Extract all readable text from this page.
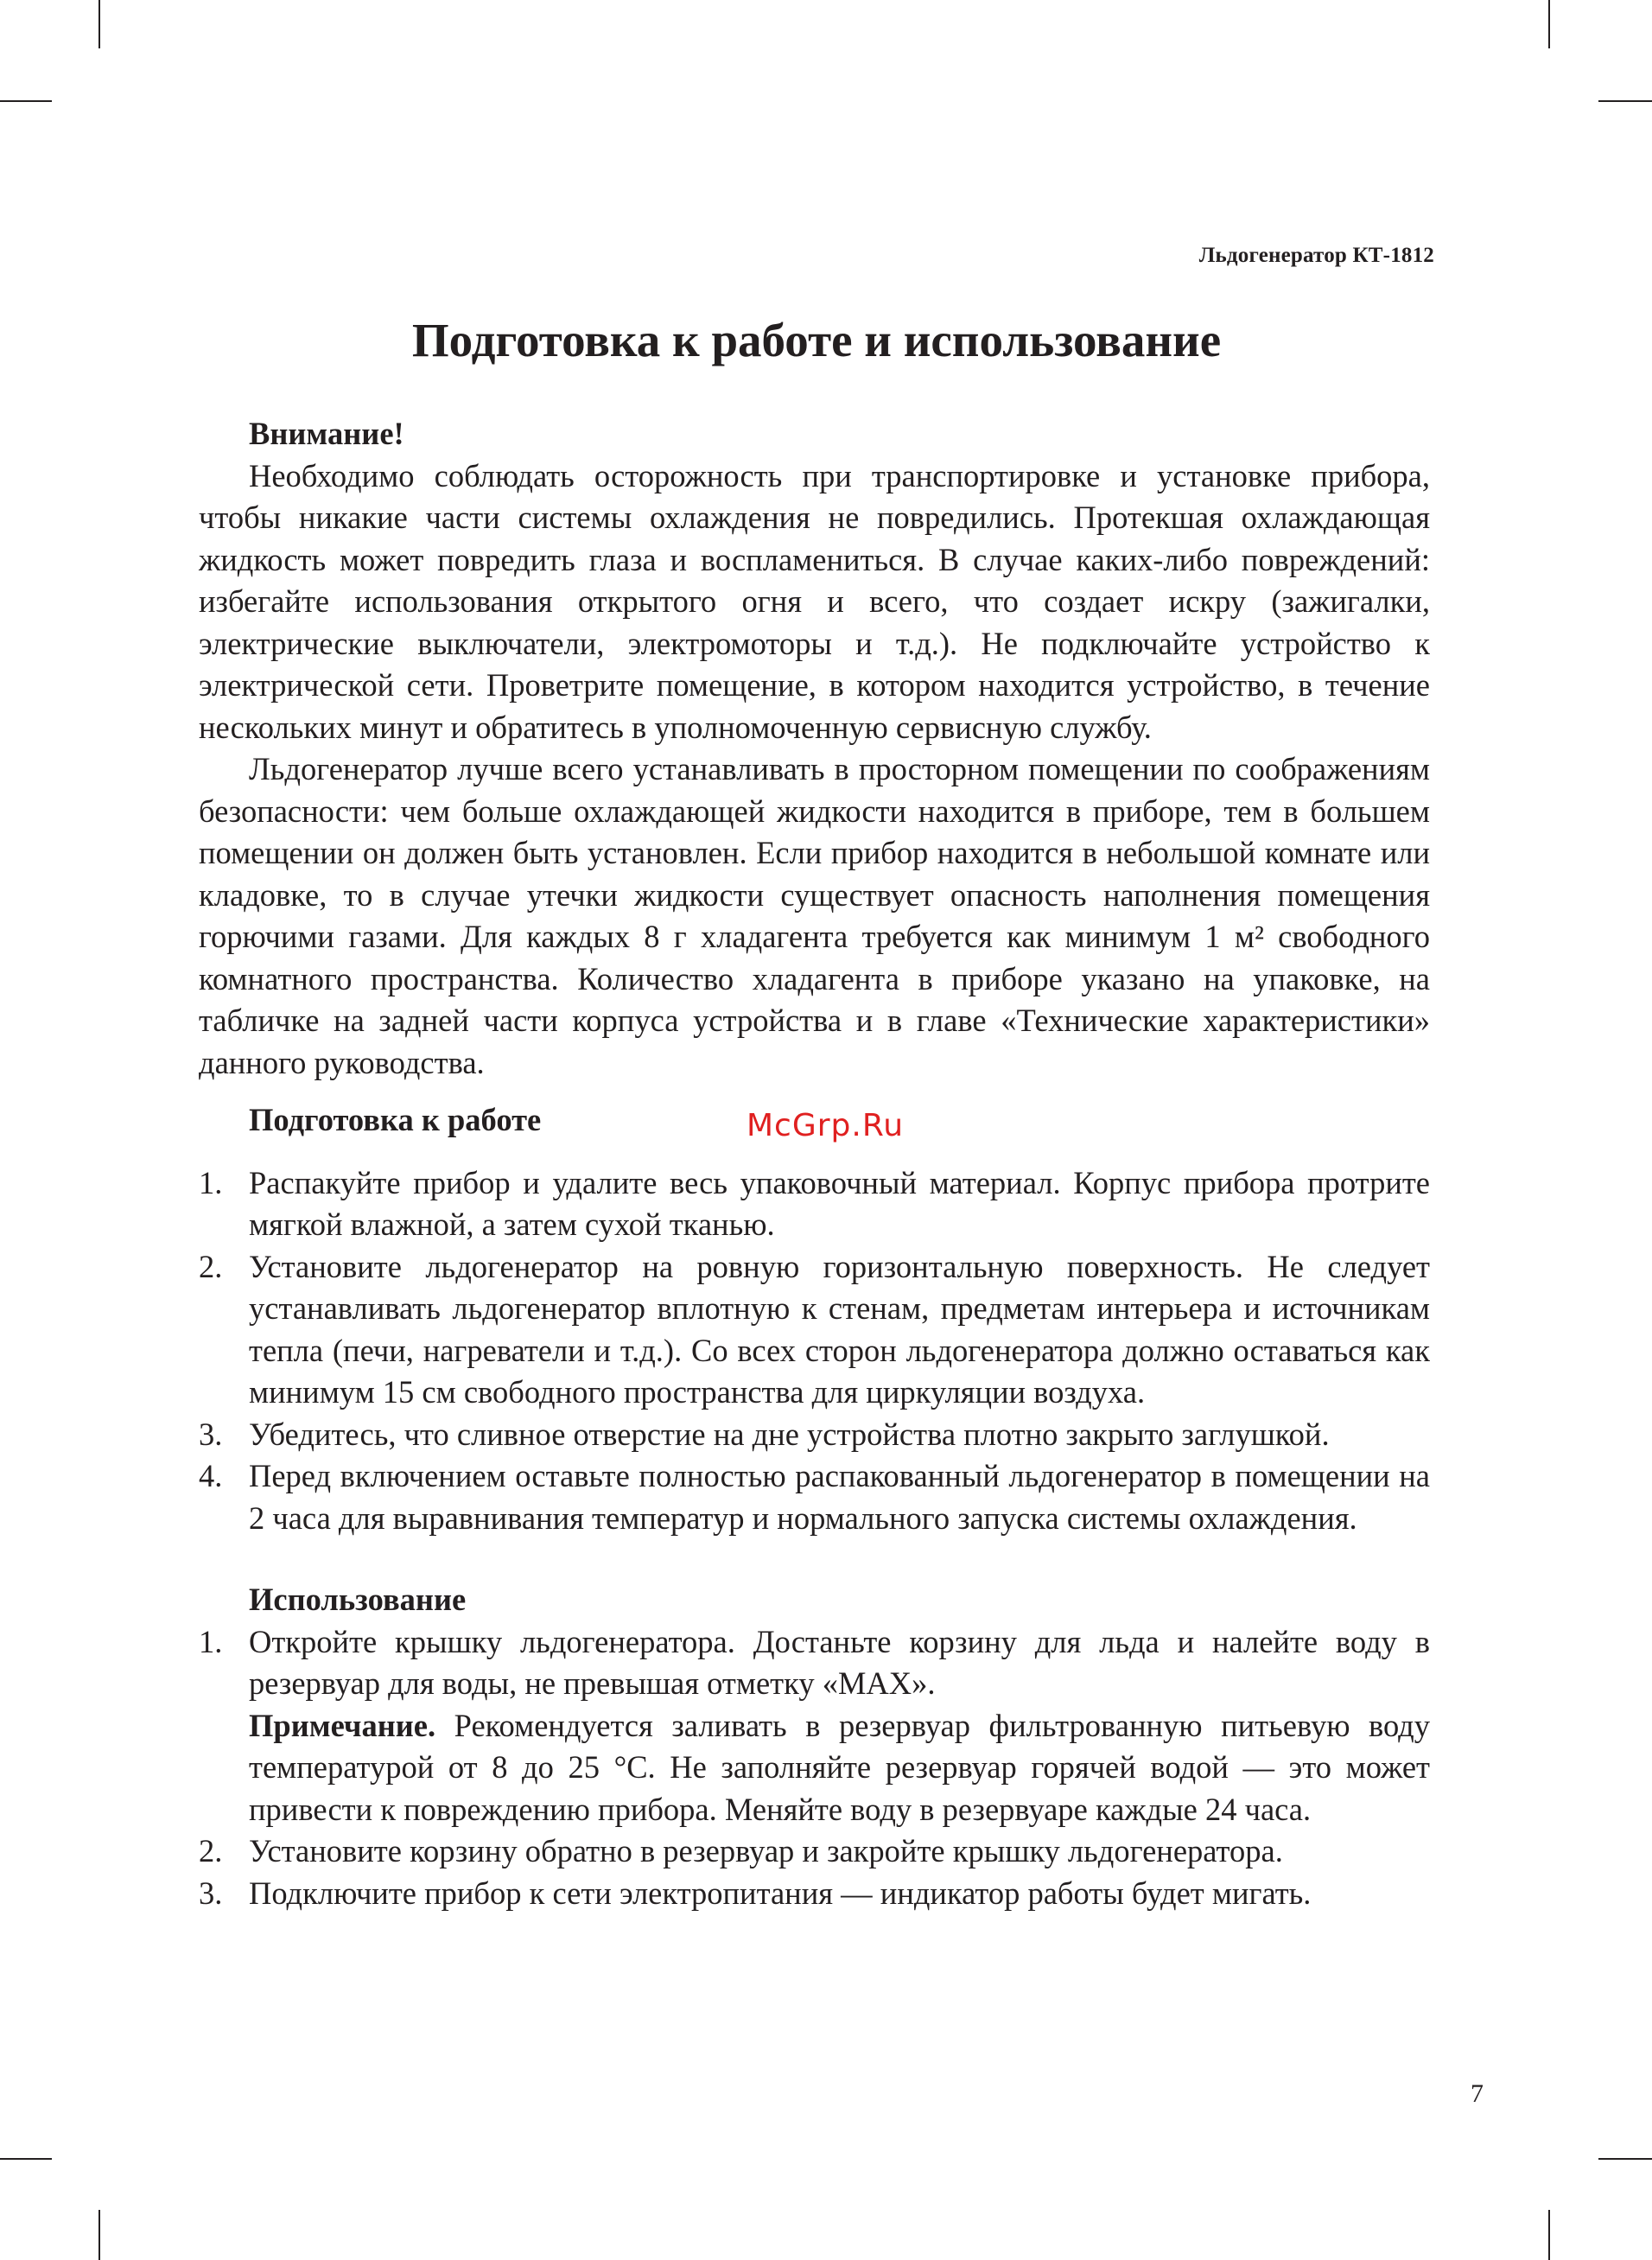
Льдогенератор КТ-1812
Подготовка к работе и использование

Внимание!

Необходимо соблюдать осторожность при транспортировке и установке прибора, чтобы никакие части системы охлаждения не повредились. Протекшая охлаждающая жидкость может повредить глаза и воспламениться. В случае каких-либо повреждений: избегайте использования открытого огня и всего, что создает искру (зажигалки, электрические выключатели, электромоторы и т.д.). Не подключайте устройство к электрической сети. Проветрите помещение, в котором находится устройство, в течение нескольких минут и обратитесь в уполномоченную сервисную службу.

Льдогенератор лучше всего устанавливать в просторном помещении по соображениям безопасности: чем больше охлаждающей жидкости находится в приборе, тем в большем помещении он должен быть установлен. Если прибор находится в небольшой комнате или кладовке, то в случае утечки жидкости существует опасность наполнения помещения горючими газами. Для каждых 8 г хладагента требуется как минимум 1 м² свободного комнатного пространства. Количество хладагента в приборе указано на упаковке, на табличке на задней части корпуса устройства и в главе «Технические характеристики» данного руководства.

Подготовка к работе

1. Распакуйте прибор и удалите весь упаковочный материал. Корпус прибора протрите мягкой влажной, а затем сухой тканью.
2. Установите льдогенератор на ровную горизонтальную поверхность. Не следует устанавливать льдогенератор вплотную к стенам, предметам интерьера и источникам тепла (печи, нагреватели и т.д.). Со всех сторон льдогенератора должно оставаться как минимум 15 см свободного пространства для циркуляции воздуха.
3. Убедитесь, что сливное отверстие на дне устройства плотно закрыто заглушкой.
4. Перед включением оставьте полностью распакованный льдогенератор в помещении на 2 часа для выравнивания температур и нормального запуска системы охлаждения.

Использование

1. Откройте крышку льдогенератора. Достаньте корзину для льда и налейте воду в резервуар для воды, не превышая отметку «MAX».
Примечание. Рекомендуется заливать в резервуар фильтрованную питьевую воду температурой от 8 до 25 °C. Не заполняйте резервуар горячей водой — это может привести к повреждению прибора. Меняйте воду в резервуаре каждые 24 часа.
2. Установите корзину обратно в резервуар и закройте крышку льдогенератора.
3. Подключите прибор к сети электропитания — индикатор работы будет мигать.
McGrp.Ru
7
